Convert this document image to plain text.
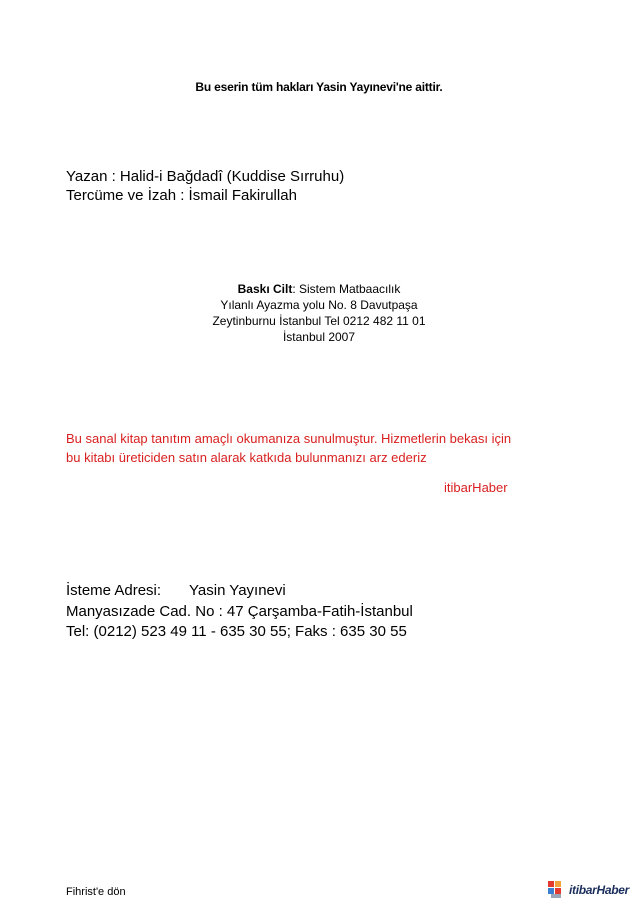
Bu eserin tüm hakları Yasin Yayınevi'ne aittir.
Yazan : Halid-i Bağdadî (Kuddise Sırruhu)
Tercüme ve İzah : İsmail Fakirullah
Baskı Cilt: Sistem Matbaacılık
Yılanlı Ayazma yolu No. 8 Davutpaşa
Zeytinburnu İstanbul Tel 0212 482 11 01
İstanbul 2007
Bu sanal kitap tanıtım amaçlı okumanıza sunulmuştur. Hizmetlerin bekası için
bu kitabı üreticiden satın alarak katkıda bulunmanızı arz ederiz
itibarHaber
İsteme Adresi: Yasin Yayınevi
Manyasızade Cad. No : 47 Çarşamba-Fatih-İstanbul
Tel: (0212) 523 49 11 - 635 30 55; Faks : 635 30 55
Fihrist'e dön	itibarHaber
